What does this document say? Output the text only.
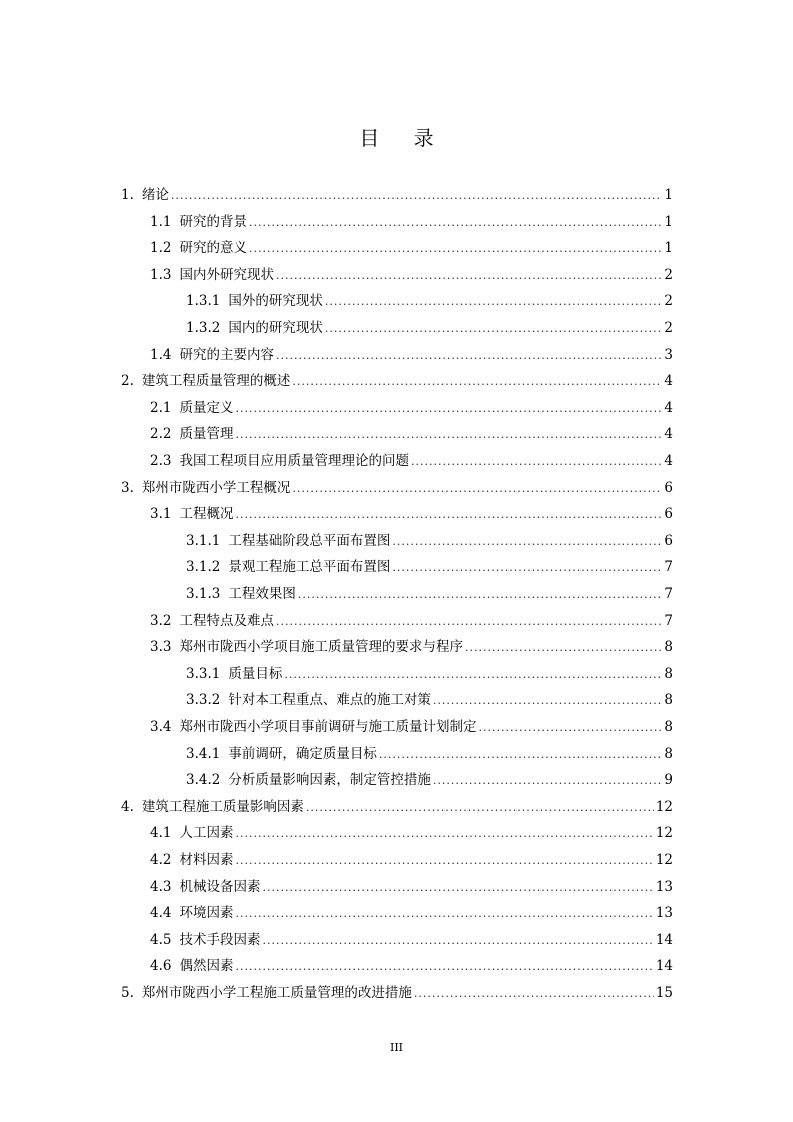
目 录
1. 绪论 .....	1
1.1 研究的背景 .....	1
1.2 研究的意义 .....	1
1.3 国内外研究现状 .....	2
1.3.1 国外的研究现状 .....	2
1.3.2 国内的研究现状 .....	2
1.4 研究的主要内容 .....	3
2. 建筑工程质量管理的概述 .....	4
2.1 质量定义 .....	4
2.2 质量管理 .....	4
2.3 我国工程项目应用质量管理理论的问题 .....	4
3. 郑州市陇西小学工程概况 .....	6
3.1 工程概况 .....	6
3.1.1 工程基础阶段总平面布置图 .....	6
3.1.2 景观工程施工总平面布置图 .....	7
3.1.3 工程效果图 .....	7
3.2 工程特点及难点 .....	7
3.3 郑州市陇西小学项目施工质量管理的要求与程序 .....	8
3.3.1 质量目标 .....	8
3.3.2 针对本工程重点、难点的施工对策 .....	8
3.4 郑州市陇西小学项目事前调研与施工质量计划制定 .....	8
3.4.1 事前调研，确定质量目标 .....	8
3.4.2 分析质量影响因素，制定管控措施 .....	9
4. 建筑工程施工质量影响因素 .....	12
4.1 人工因素 .....	12
4.2 材料因素 .....	12
4.3 机械设备因素 .....	13
4.4 环境因素 .....	13
4.5 技术手段因素 .....	14
4.6 偶然因素 .....	14
5. 郑州市陇西小学工程施工质量管理的改进措施 .....	15
III
